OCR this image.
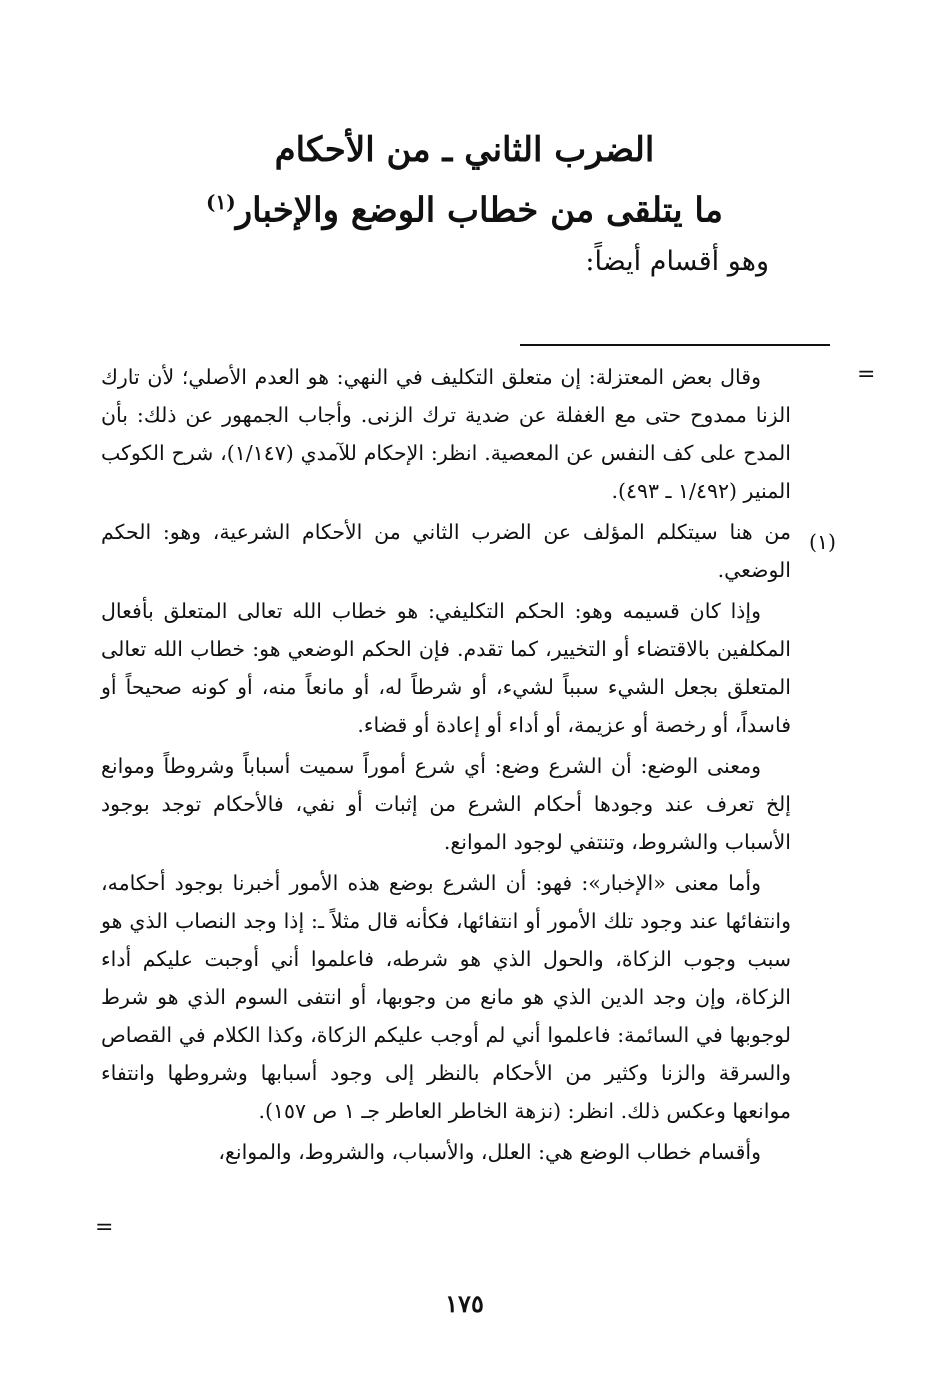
الضرب الثاني ـ من الأحكام
ما يتلقى من خطاب الوضع والإخبار$^{(١)}$
وهو أقسام أيضاً:
=
(١)

وقال بعض المعتزلة: إن متعلق التكليف في النهي: هو العدم الأصلي؛ لأن تارك الزنا ممدوح حتى مع الغفلة عن ضدية ترك الزنى. وأجاب الجمهور عن ذلك: بأن المدح على كف النفس عن المعصية. انظر: الإحكام للآمدي (١/١٤٧)، شرح الكوكب المنير (١/٤٩٢ ـ ٤٩٣).

من هنا سيتكلم المؤلف عن الضرب الثاني من الأحكام الشرعية، وهو: الحكم الوضعي.

وإذا كان قسيمه وهو: الحكم التكليفي: هو خطاب الله تعالى المتعلق بأفعال المكلفين بالاقتضاء أو التخيير، كما تقدم. فإن الحكم الوضعي هو: خطاب الله تعالى المتعلق بجعل الشيء سبباً لشيء، أو شرطاً له، أو مانعاً منه، أو كونه صحيحاً أو فاسداً، أو رخصة أو عزيمة، أو أداء أو إعادة أو قضاء.

ومعنى الوضع: أن الشرع وضع: أي شرع أموراً سميت أسباباً وشروطاً وموانع إلخ تعرف عند وجودها أحكام الشرع من إثبات أو نفي، فالأحكام توجد بوجود الأسباب والشروط، وتنتفي لوجود الموانع.

وأما معنى «الإخبار»: فهو: أن الشرع بوضع هذه الأمور أخبرنا بوجود أحكامه، وانتفائها عند وجود تلك الأمور أو انتفائها، فكأنه قال مثلاً ـ: إذا وجد النصاب الذي هو سبب وجوب الزكاة، والحول الذي هو شرطه، فاعلموا أني أوجبت عليكم أداء الزكاة، وإن وجد الدين الذي هو مانع من وجوبها، أو انتفى السوم الذي هو شرط لوجوبها في السائمة: فاعلموا أني لم أوجب عليكم الزكاة، وكذا الكلام في القصاص والسرقة والزنا وكثير من الأحكام بالنظر إلى وجود أسبابها وشروطها وانتفاء موانعها وعكس ذلك. انظر: (نزهة الخاطر العاطر جـ ١ ص ١٥٧).

وأقسام خطاب الوضع هي: العلل، والأسباب، والشروط، والموانع،

=
١٧٥
